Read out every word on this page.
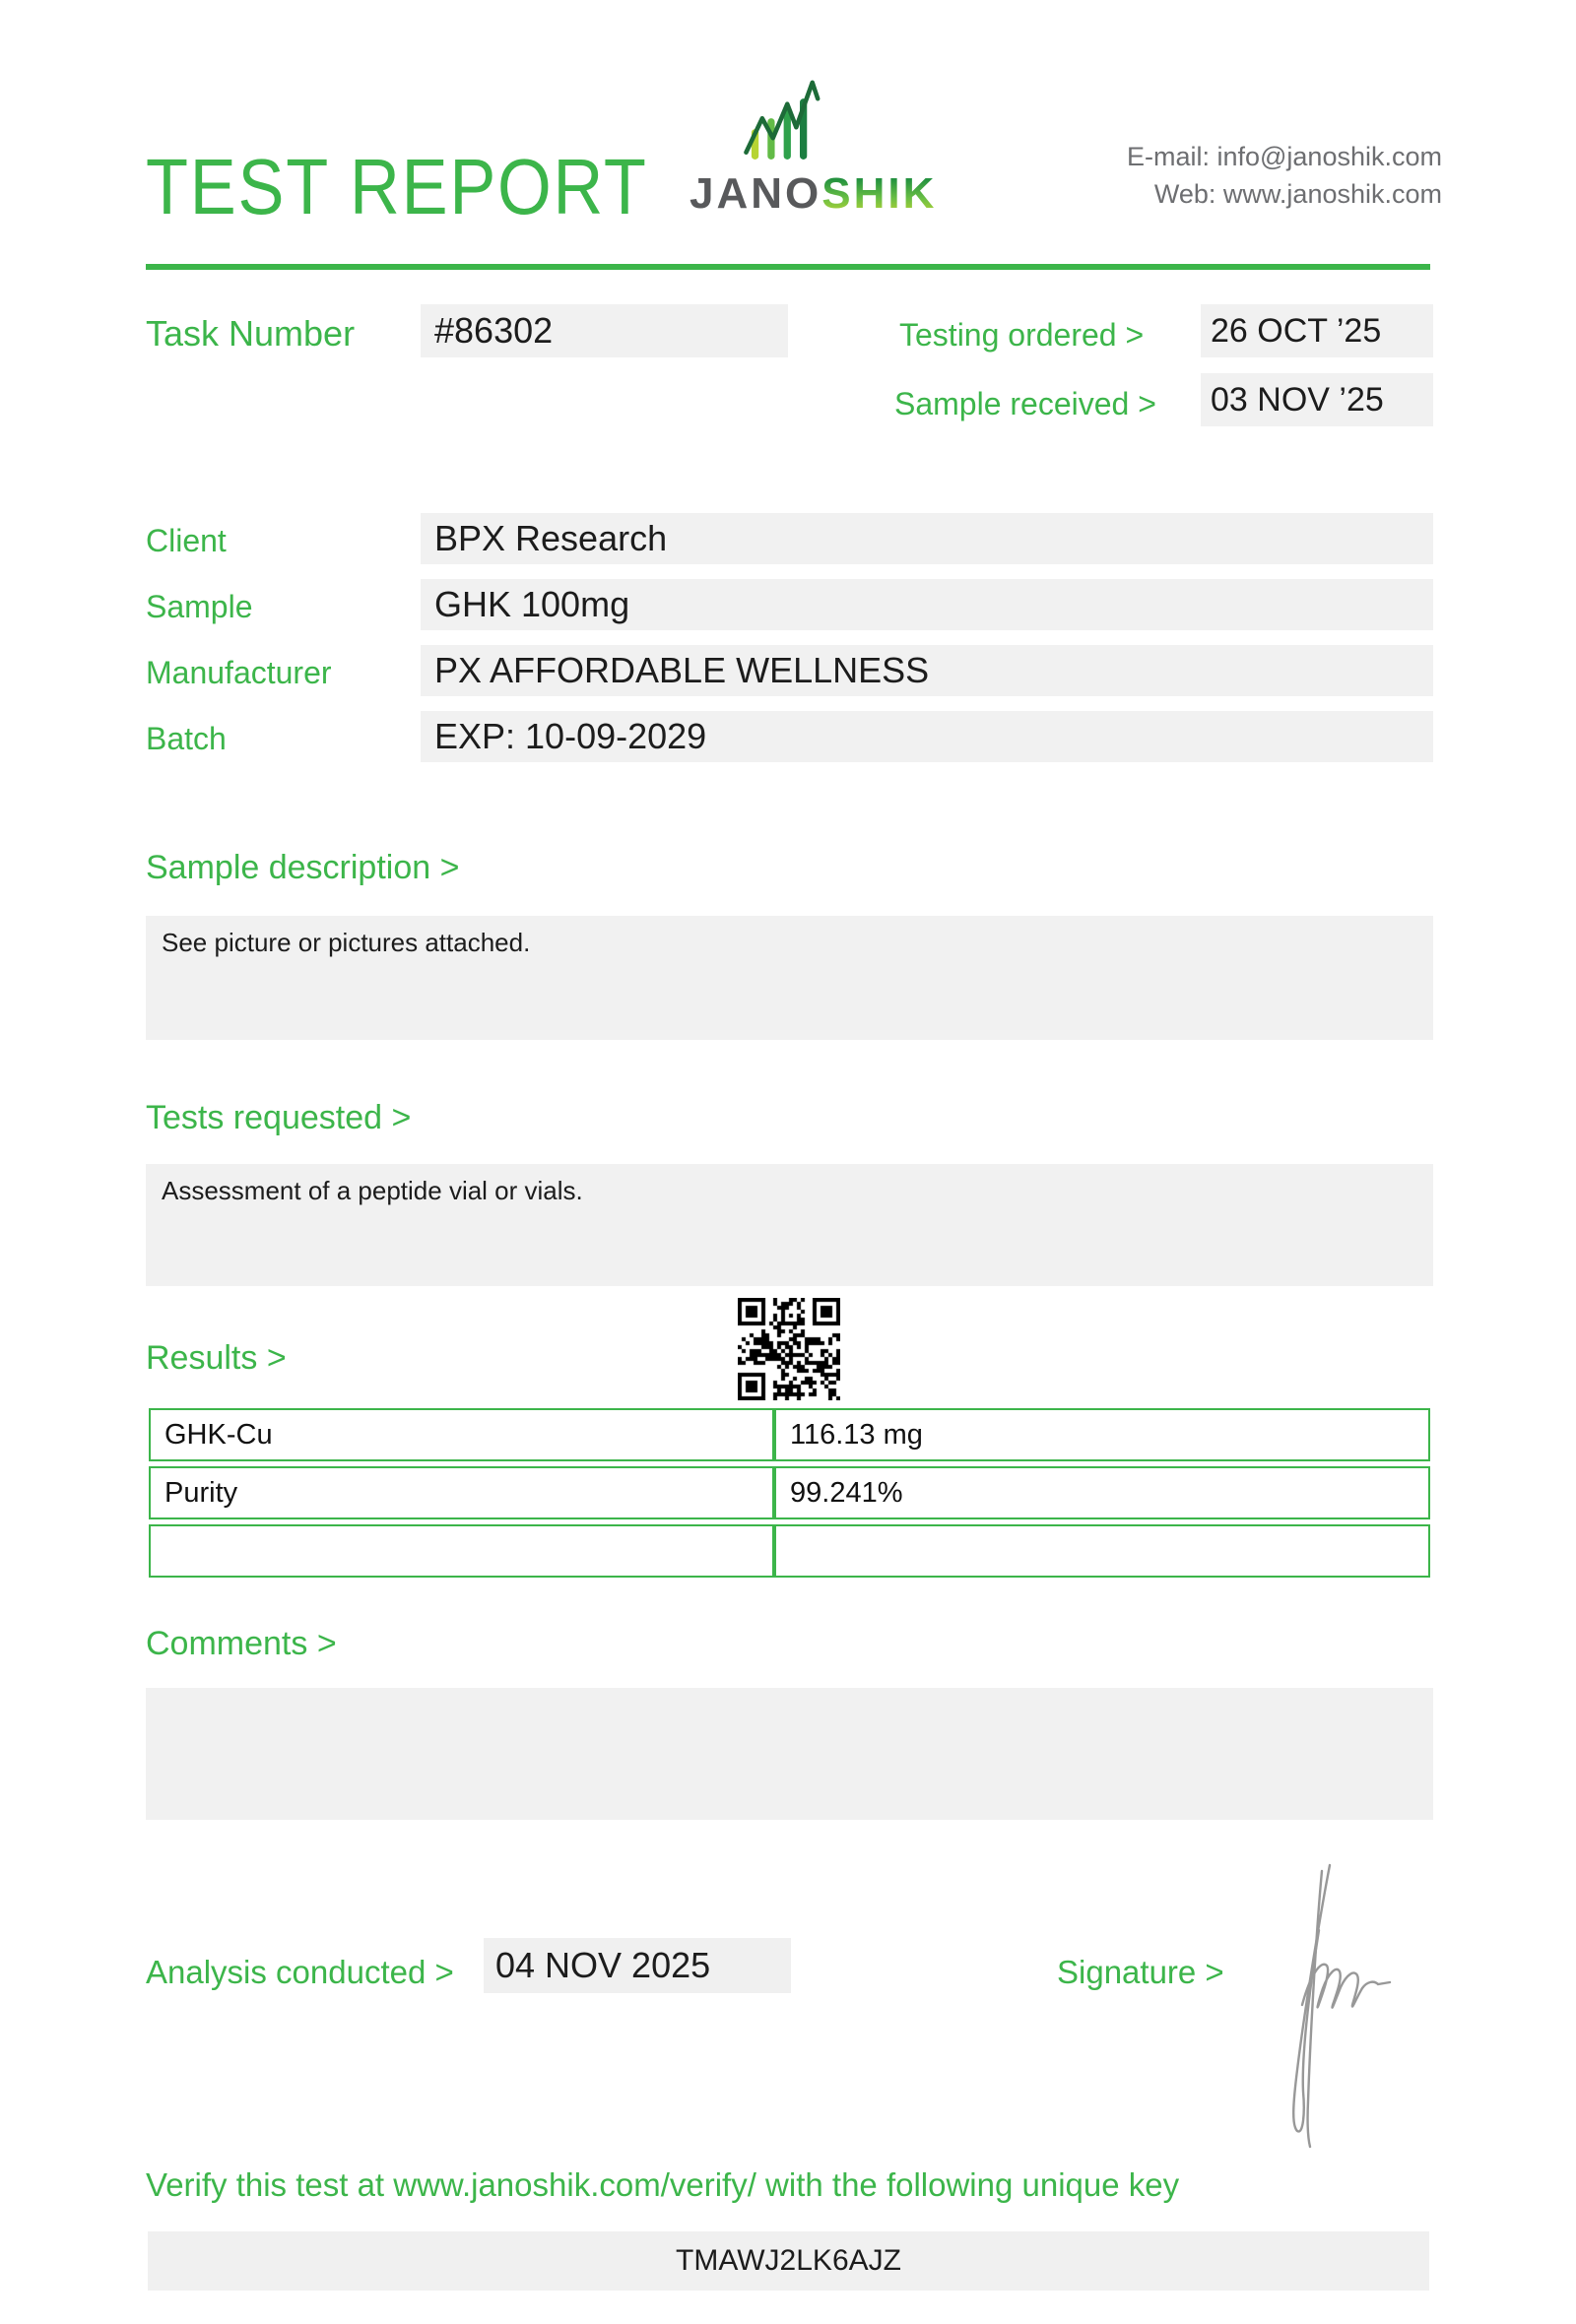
TEST REPORT JANOSHIK
E-mail: info@janoshik.com
Web: www.janoshik.com
Task Number	#86302	Testing ordered > 26 OCT ’25
Sample received > 03 NOV ’25
Client	BPX Research
Sample	GHK 100mg
Manufacturer	PX AFFORDABLE WELLNESS
Batch	EXP: 10-09-2029
Sample description >
See picture or pictures attached.
Tests requested >
Assessment of a peptide vial or vials.
Results >
GHK-Cu	116.13 mg
Purity	99.241%
Comments >
Analysis conducted >	04 NOV 2025	Signature >
Verify this test at www.janoshik.com/verify/ with the following unique key
TMAWJ2LK6AJZ
